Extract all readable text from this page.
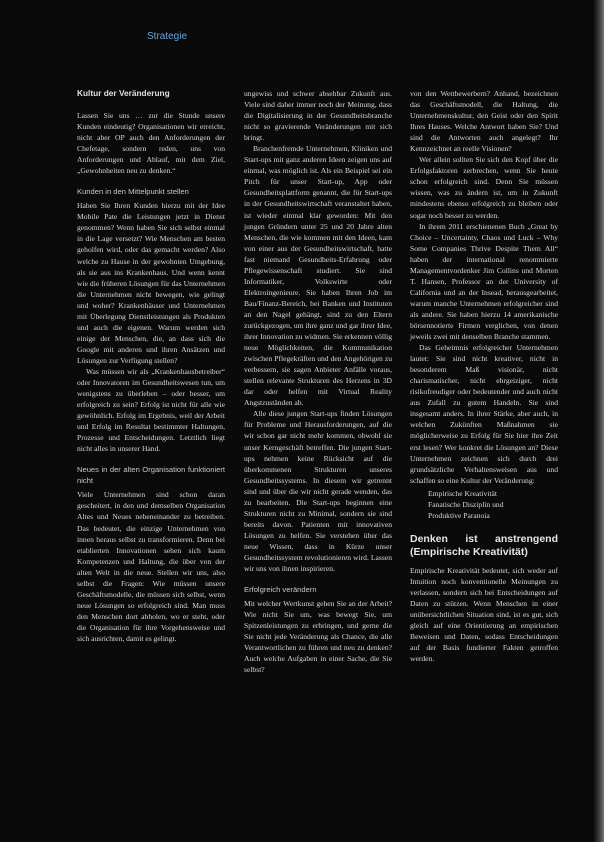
Strategie
Kultur der Veränderung

Lassen Sie uns … zur die Stunde unsere Kunden eindeutig? Organisationen wir erreicht, nicht aber OP auch den Anforderungen der Chefetage, sondern reden, uns von Anforderungen und Ablauf, mit dem Ziel, „Gewohnheiten neu zu denken.“

Kunden in den Mittelpunkt stellen

Haben Sie Ihren Kunden hierzu mit der Idee Mobile Pate die Leistungen jetzt in Dienst genommen? Wenn haben Sie sich selbst einmal in die Lage versetzt? Wie Menschen am besten geholfen wird, oder das gemacht werden? Also welche zu Hause in der gewohnten Umgebung, als sie aus ins Krankenhaus. Und wenn kennt wie die früheren Lösungen für das Unternehmen die Unternehmen nicht bewegen, wie gelingt und woher? Krankenhäuser und Unternehmen mit Überlegung Dienstleistungen als Produkten und auch die eigenen. Warum werden sich einige der Menschen, die, an dass sich die Google mit anderen und ihren Ansätzen und Lösungen zur Verfügung stellen?

Was müssen wir als „Krankenhausbetreiber“ oder Innovatoren im Gesundheitswesen tun, um wenigstens zu überleben – oder besser, um erfolgreich zu sein? Erfolg ist nicht für alle wie gewöhnlich. Erfolg im Ergebnis, weil der Arbeit und Erfolg im Resultat bestimmter Haltungen, Prozesse und Entscheidungen. Letztlich liegt nicht alles in unserer Hand.

Neues in der alten Organisation funktioniert nicht

Viele Unternehmen sind schon daran gescheitert, in den und demselben Organisation Altes und Neues nebeneinander zu betreiben. Das bedeutet, die einzige Unternehmen von innen heraus selbst zu transformieren. Denn bei etablierten Innovationen sehen sich kaum Kompetenzen und Haltung, die über von der alten Welt in die neue. Stellen wir uns, also selbst die Fragen: Wie müssen unsere Geschäftsmodelle, die müssen sich selbst, wenn neue Lösungen so erfolgreich sind. Man muss den Menschen dort abholen, wo er steht, oder die Organisation für ihre Vorgehensweise und sich ausrichten, damit es gelingt.

ungewiss und schwer absehbar Zukunft aus. Viele sind daher immer noch der Meinung, dass die Digitalisierung in der Gesundheitsbranche nicht so gravierende Veränderungen mit sich bringt.

Branchenfremde Unternehmen, Kliniken und Start-ups mit ganz anderen Ideen zeigen uns auf einmal, was möglich ist. Als ein Beispiel sei ein Pitch für unser Start-up, App oder Gesundheitsplattform genannt, die für Start-ups in der Gesundheitswirtschaft veranstaltet haben, ist wieder einmal klar geworden: Mit den jungen Gründern unter 25 und 20 Jahre alten Menschen, die wie kommen mit den Ideen, kam von einer aus der Gesundheitswirtschaft, hatte fast niemand Gesundheits-Erfahrung oder Pflegewissenschaft studiert. Sie sind Informatiker, Volkswirte oder Elektroingenieure. Sie haben Ihren Job im Bau/Finanz-Bereich, bei Banken und Instituten an den Nagel gehängt, sind zu den Eltern zurückgezogen, um ihre ganz und gar ihrer Idee, ihrer Innovation zu widmen. Sie erkennen völlig neue Möglichkeiten, die Kommunikation zwischen Pflegekräften und den Angehörigen zu verbessern, sie sagen Anbieter Anfälle voraus, stellen relevante Strukturen des Herzens in 3D dar oder helfen mit Virtual Reality Angstzuständen ab.

Alle diese jungen Start-ups finden Lösungen für Probleme und Herausforderungen, auf die wir schon gar nicht mehr kommen, obwohl sie unser Kerngeschäft betreffen. Die jungen Start-ups nehmen keine Rücksicht auf die überkommenen Strukturen unseres Gesundheitssystems. In diesem wir getrennt sind und über die wir nicht gerade wenden, das zu bearbeiten. Die Start-ups beginnen eine Strukturen nicht zu Minimal, sondern sie sind bereits davon. Patienten mit innovativen Lösungen zu helfen. Sie verstehen über das neue Wissen, dass in Kürze unser Gesundheitssystem revolutionieren wird. Lassen wir uns von ihnen inspirieren.

Erfolgreich verändern

Mit welcher Wertkunst gehen Sie an der Arbeit? Wie nicht Sie um, was bewegt Sie, um Spitzenleistungen zu erbringen, und gerne die Sie nicht jede Veränderung als Chance, die alle Verantwortlichen zu führen und neu zu denken? Auch welche Aufgaben in einer Sache, die Sie selbst?

von den Wettbewerbern? Anhand, bezeichnen das Geschäftsmodell, die Haltung, die Unternehmenskultur, den Geist oder den Spirit Ihres Hauses. Welche Antwort haben Sie? Und sind die Antworten auch angelegt? Ihr Kennzeichnet an reelle Visionen?

Wer allein sollten Sie sich den Kopf über die Erfolgsfaktoren zerbrechen, wenn Sie heute schon erfolgreich sind. Denn Sie müssen wissen, was zu ändern ist, um in Zukunft mindestens ebenso erfolgreich zu bleiben oder sogar noch besser zu werden.

In ihrem 2011 erschienenen Buch „Great by Choice – Uncertainty, Chaos und Luck – Why Some Companies Thrive Despite Them All“ haben der international renommierte Managementvordenker Jim Collins und Morten T. Hansen, Professor an der University of California und an der Insead, herausgearbeitet, warum manche Unternehmen erfolgreicher sind als andere. Sie haben hierzu 14 amerikanische börsennotierte Firmen verglichen, von denen jeweils zwei mit denselben Branche stammen.

Das Geheimnis erfolgreicher Unternehmen lautet: Sie sind nicht kreativer, nicht in besonderem Maß visionär, nicht charismatischer, nicht ehrgeiziger, nicht risikofreudiger oder bedeutender und auch nicht aus Zufall zu gutem Handeln. Sie sind insgesamt anders. In ihrer Stärke, aber auch, in welchen Zukünften Maßnahmen sie möglicherweise zu Erfolg für Sie hier ihre Zeit erst lesen? Wer konkret die Lösungen an? Diese Unternehmen zeichnen sich durch drei grundsätzliche Verhaltensweisen aus und schaffen so eine Kultur der Veränderung:

Empirische Kreativität
Fanatische Disziplin und
Produktive Paranoia
Denken ist anstrengend (Empirische Kreativität)

Empirische Kreativität bedeutet, sich weder auf Intuition noch konventionelle Meinungen zu verlassen, sondern sich bei Entscheidungen auf Daten zu stützen. Wenn Menschen in einer unübersichtlichen Situation sind, ist es gut, sich gleich auf eine Orientierung an empirischen Beweisen und Daten, sodass Entscheidungen auf der Basis fundierter Fakten getroffen werden.
